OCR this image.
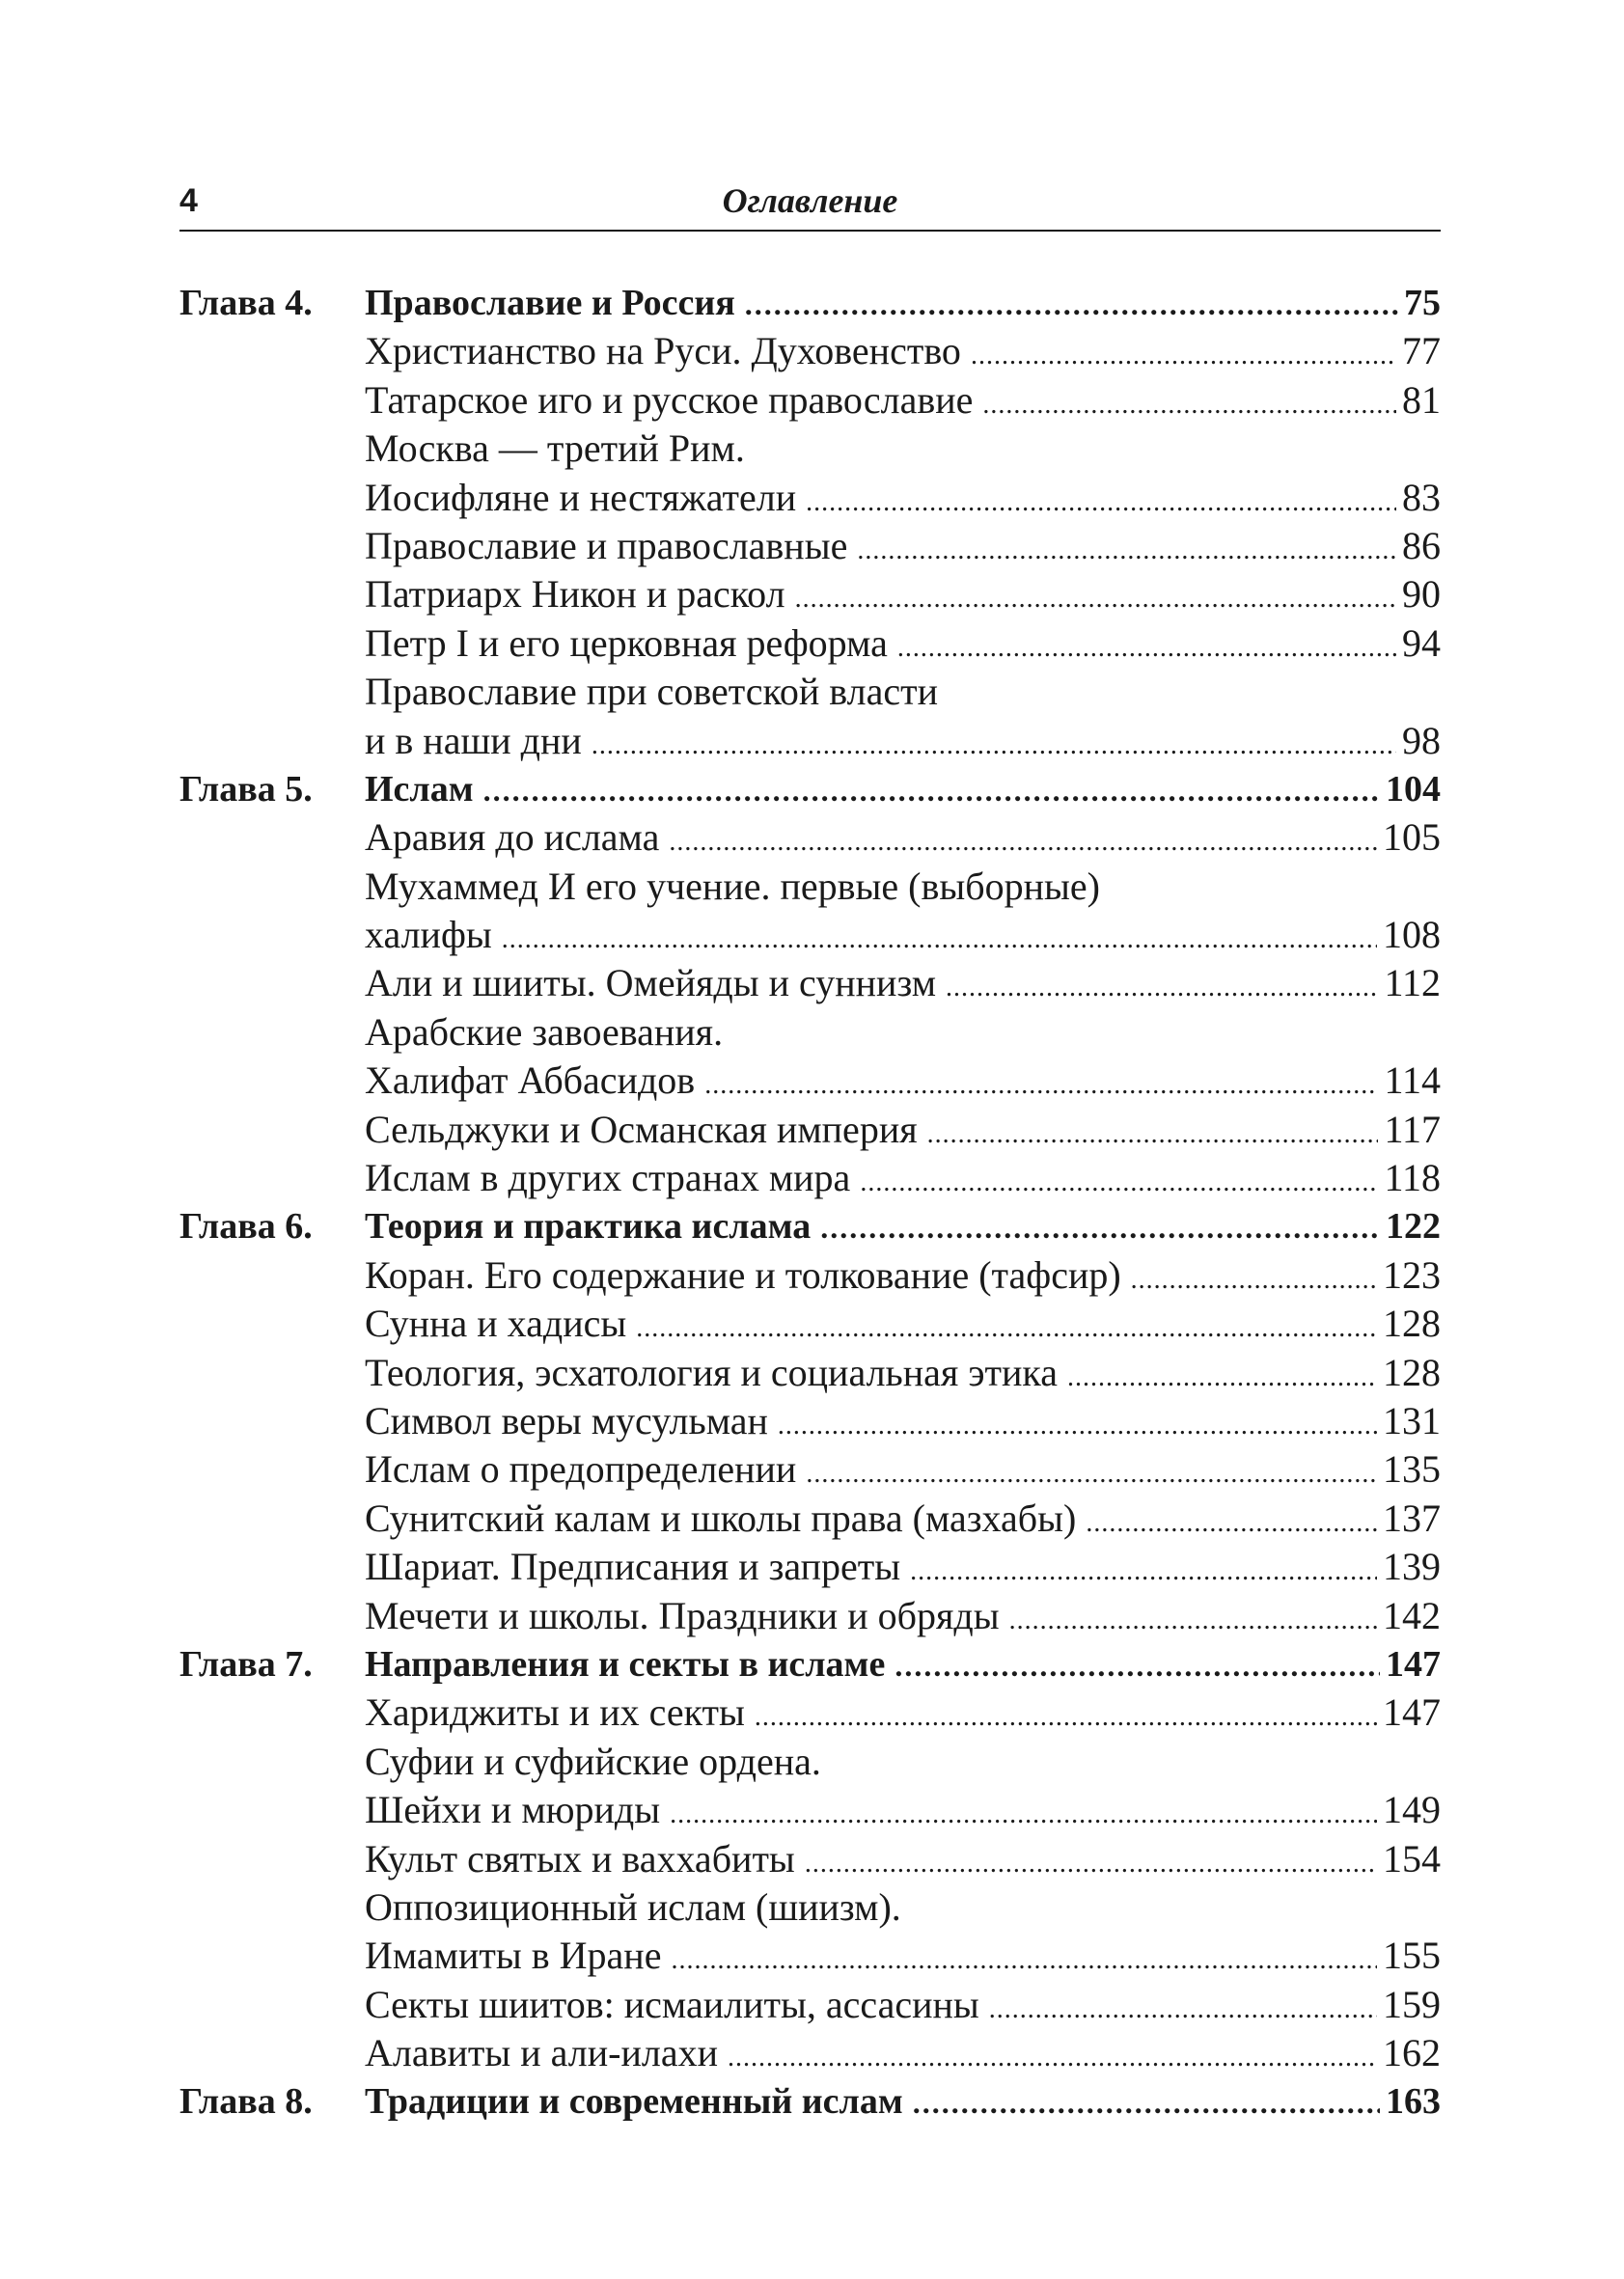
4	Оглавление
Глава 4. Православие и Россия .....	75
Христианство на Руси. Духовенство .....	77
Татарское иго и русское православие .....	81
Москва — третий Рим.
Иосифляне и нестяжатели .....	83
Православие и православные .....	86
Патриарх Никон и раскол .....	90
Петр I и его церковная реформа .....	94
Православие при советской власти
и в наши дни .....	98
Глава 5. Ислам .....	104
Аравия до ислама .....	105
Мухаммед И его учение. первые (выборные)
халифы .....	108
Али и шииты. Омейяды и суннизм .....	112
Арабские завоевания.
Халифат Аббасидов .....	114
Сельджуки и Османская империя .....	117
Ислам в других странах мира .....	118
Глава 6. Теория и практика ислама .....	122
Коран. Его содержание и толкование (тафсир) .....	123
Сунна и хадисы .....	128
Теология, эсхатология и социальная этика .....	128
Символ веры мусульман .....	131
Ислам о предопределении .....	135
Сунитский калам и школы права (мазхабы) .....	137
Шариат. Предписания и запреты .....	139
Мечети и школы. Праздники и обряды .....	142
Глава 7. Направления и секты в исламе .....	147
Хариджиты и их секты .....	147
Суфии и суфийские ордена.
Шейхи и мюриды .....	149
Культ святых и ваххабиты .....	154
Оппозиционный ислам (шиизм).
Имамиты в Иране .....	155
Секты шиитов: исмаилиты, ассасины .....	159
Алавиты и али-илахи .....	162
Глава 8. Традиции и современный ислам .....	163
